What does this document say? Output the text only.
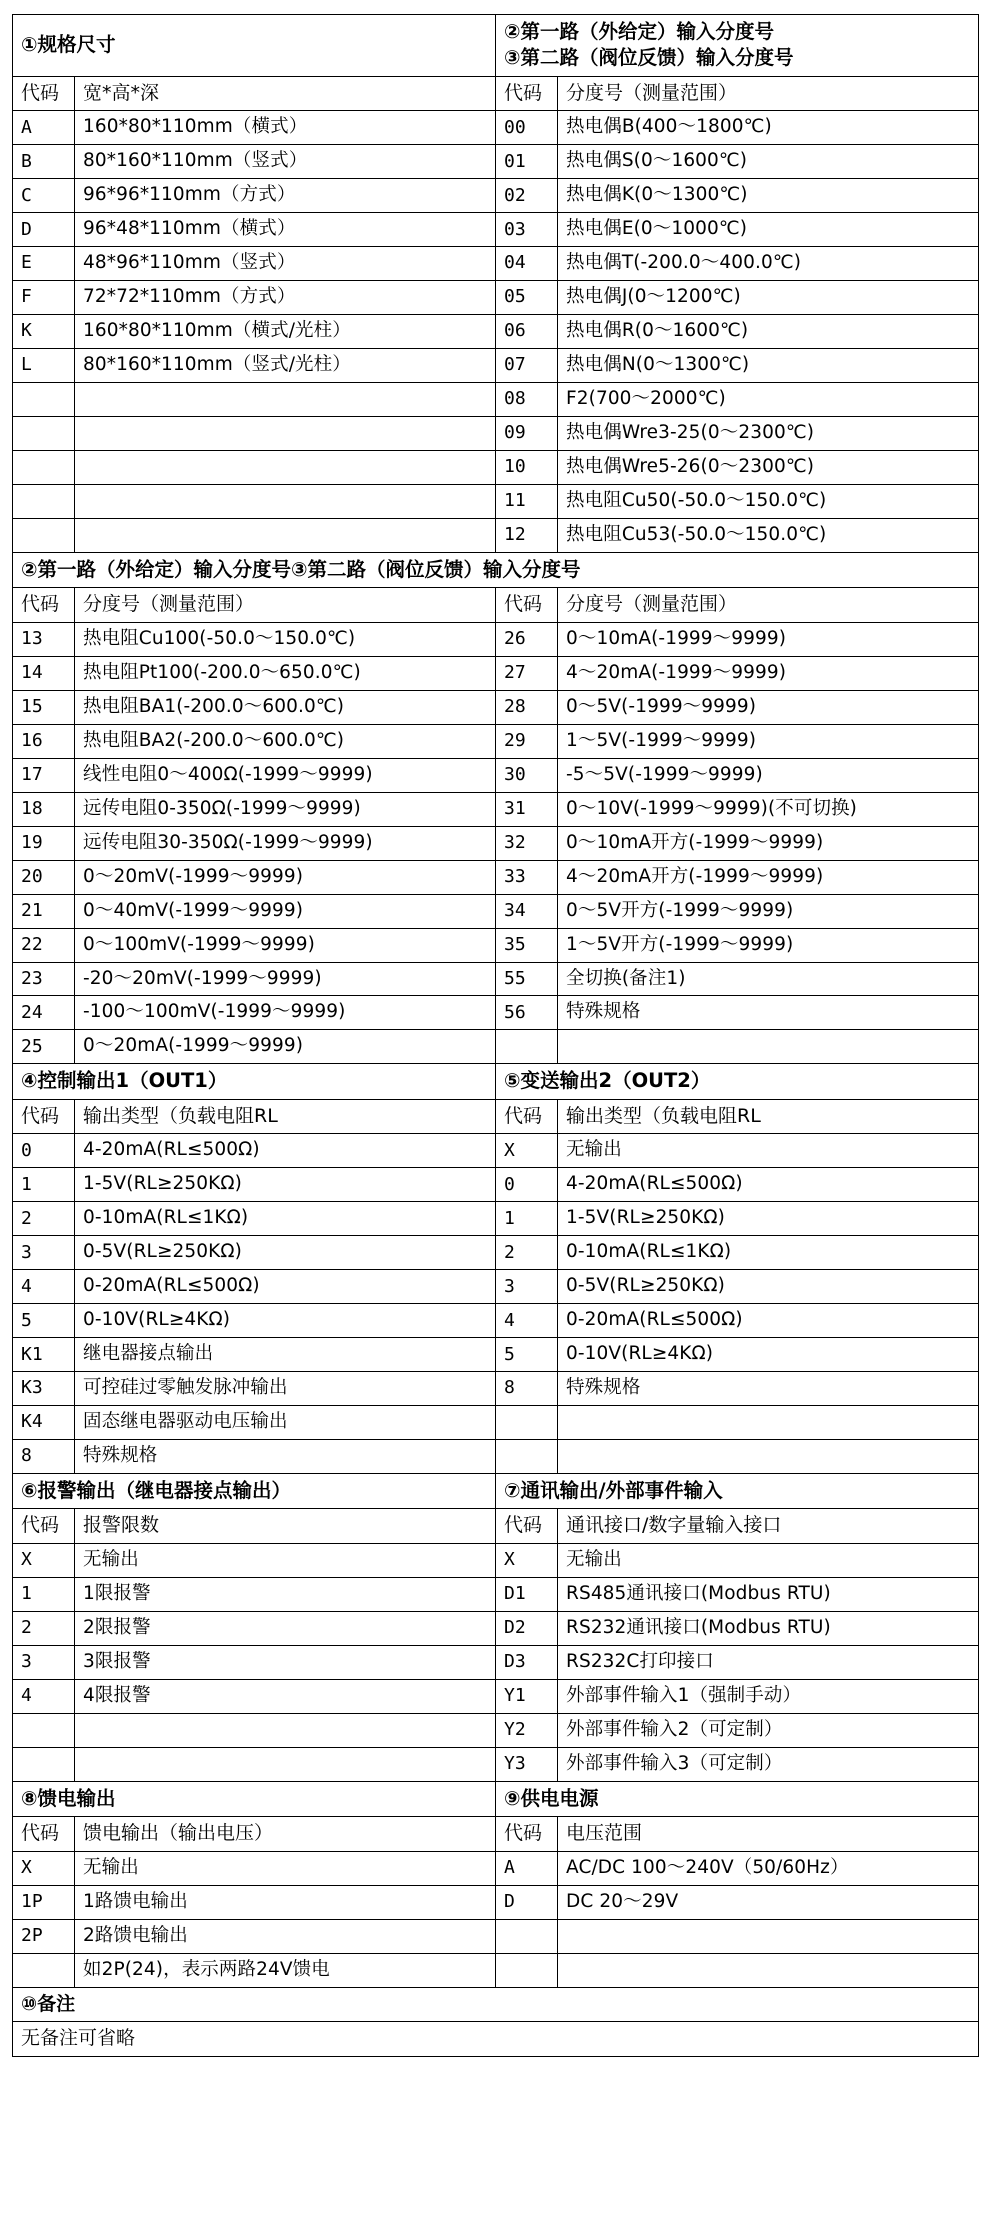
①规格尺寸		②第一路（外给定）输入分度号
③第二路（阀位反馈）输入分度号	

代码	宽*高*深	代码	分度号（测量范围）
A	160*80*110mm（横式）	00	热电偶B(400～1800℃)
B	80*160*110mm（竖式）	01	热电偶S(0～1600℃)
C	96*96*110mm（方式）	02	热电偶K(0～1300℃)
D	96*48*110mm（横式）	03	热电偶E(0～1000℃)
E	48*96*110mm（竖式）	04	热电偶T(-200.0～400.0℃)
F	72*72*110mm（方式）	05	热电偶J(0～1200℃)
K	160*80*110mm（横式/光柱）	06	热电偶R(0～1600℃)
L	80*160*110mm（竖式/光柱）	07	热电偶N(0～1300℃)
		08	F2(700～2000℃)
		09	热电偶Wre3-25(0～2300℃)
		10	热电偶Wre5-26(0～2300℃)
		11	热电阻Cu50(-50.0～150.0℃)
		12	热电阻Cu53(-50.0～150.0℃)
②第一路（外给定）输入分度号③第二路（阀位反馈）输入分度号			
代码	分度号（测量范围）	代码	分度号（测量范围）
13	热电阻Cu100(-50.0～150.0℃)	26	0～10mA(-1999～9999)
14	热电阻Pt100(-200.0～650.0℃)	27	4～20mA(-1999～9999)
15	热电阻BA1(-200.0～600.0℃)	28	0～5V(-1999～9999)
16	热电阻BA2(-200.0～600.0℃)	29	1～5V(-1999～9999)
17	线性电阻0～400Ω(-1999～9999)	30	-5～5V(-1999～9999)
18	远传电阻0-350Ω(-1999～9999)	31	0～10V(-1999～9999)(不可切换)
19	远传电阻30-350Ω(-1999～9999)	32	0～10mA开方(-1999～9999)
20	0～20mV(-1999～9999)	33	4～20mA开方(-1999～9999)
21	0～40mV(-1999～9999)	34	0～5V开方(-1999～9999)
22	0～100mV(-1999～9999)	35	1～5V开方(-1999～9999)
23	-20～20mV(-1999～9999)	55	全切换(备注1)
24	-100～100mV(-1999～9999)	56	特殊规格
25	0～20mA(-1999～9999)		
④控制输出1（OUT1）		⑤变送输出2（OUT2）	
代码	输出类型（负载电阻RL	代码	输出类型（负载电阻RL
0	4-20mA(RL≤500Ω)	X	无输出
1	1-5V(RL≥250KΩ)	0	4-20mA(RL≤500Ω)
2	0-10mA(RL≤1KΩ)	1	1-5V(RL≥250KΩ)
3	0-5V(RL≥250KΩ)	2	0-10mA(RL≤1KΩ)
4	0-20mA(RL≤500Ω)	3	0-5V(RL≥250KΩ)
5	0-10V(RL≥4KΩ)	4	0-20mA(RL≤500Ω)
K1	继电器接点输出	5	0-10V(RL≥4KΩ)
K3	可控硅过零触发脉冲输出	8	特殊规格
K4	固态继电器驱动电压输出		
8	特殊规格		
⑥报警输出（继电器接点输出）		⑦通讯输出/外部事件输入	
代码	报警限数	代码	通讯接口/数字量输入接口
X	无输出	X	无输出
1	1限报警	D1	RS485通讯接口(Modbus RTU)
2	2限报警	D2	RS232通讯接口(Modbus RTU)
3	3限报警	D3	RS232C打印接口
4	4限报警	Y1	外部事件输入1（强制手动）
		Y2	外部事件输入2（可定制）
		Y3	外部事件输入3（可定制）
⑧馈电输出		⑨供电电源	
代码	馈电输出（输出电压）	代码	电压范围
X	无输出	A	AC/DC 100～240V（50/60Hz）
1P	1路馈电输出	D	DC 20～29V
2P	2路馈电输出		
	如2P(24)，表示两路24V馈电		
⑩备注			
无备注可省略			
